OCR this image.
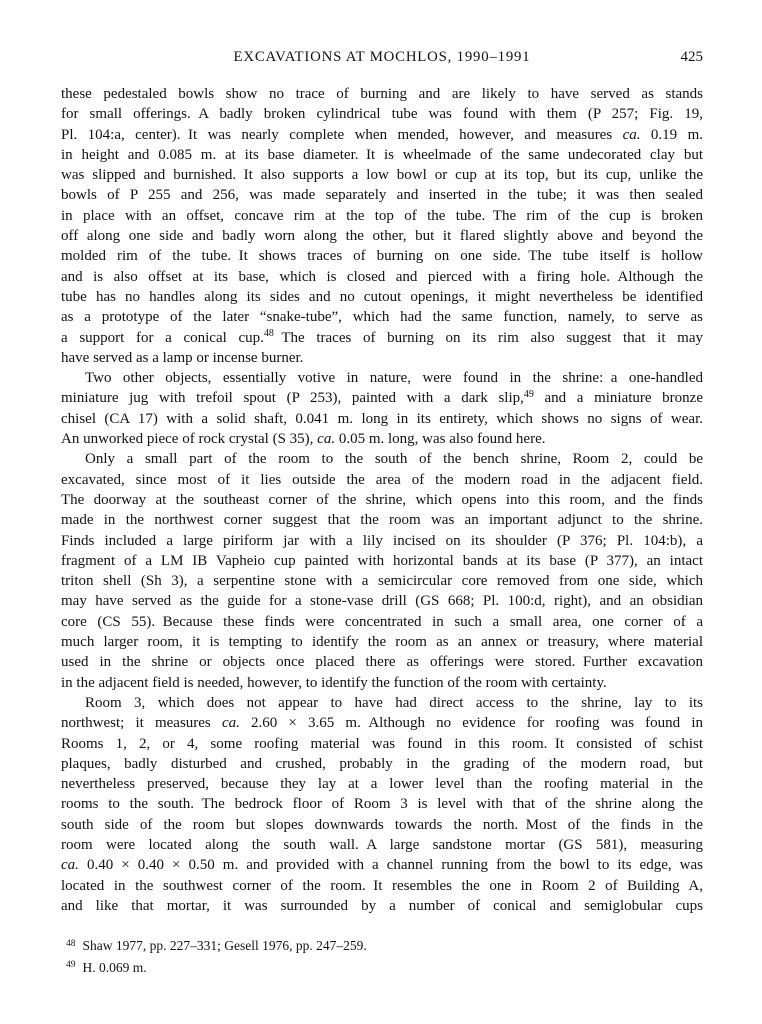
EXCAVATIONS AT MOCHLOS, 1990–1991	425
these pedestaled bowls show no trace of burning and are likely to have served as stands
for small offerings. A badly broken cylindrical tube was found with them (P 257; Fig. 19,
Pl. 104:a, center). It was nearly complete when mended, however, and measures ca. 0.19 m.
in height and 0.085 m. at its base diameter. It is wheelmade of the same undecorated clay but
was slipped and burnished. It also supports a low bowl or cup at its top, but its cup, unlike the
bowls of P 255 and 256, was made separately and inserted in the tube; it was then sealed
in place with an offset, concave rim at the top of the tube. The rim of the cup is broken
off along one side and badly worn along the other, but it flared slightly above and beyond the
molded rim of the tube. It shows traces of burning on one side. The tube itself is hollow
and is also offset at its base, which is closed and pierced with a firing hole. Although the
tube has no handles along its sides and no cutout openings, it might nevertheless be identified
as a prototype of the later “snake-tube”, which had the same function, namely, to serve as
a support for a conical cup.$^{48}$ The traces of burning on its rim also suggest that it may
have served as a lamp or incense burner.
Two other objects, essentially votive in nature, were found in the shrine: a one-handled
miniature jug with trefoil spout (P 253), painted with a dark slip,$^{49}$ and a miniature bronze
chisel (CA 17) with a solid shaft, 0.041 m. long in its entirety, which shows no signs of wear.
An unworked piece of rock crystal (S 35), ca. 0.05 m. long, was also found here.
Only a small part of the room to the south of the bench shrine, Room 2, could be
excavated, since most of it lies outside the area of the modern road in the adjacent field.
The doorway at the southeast corner of the shrine, which opens into this room, and the finds
made in the northwest corner suggest that the room was an important adjunct to the shrine.
Finds included a large piriform jar with a lily incised on its shoulder (P 376; Pl. 104:b), a
fragment of a LM IB Vapheio cup painted with horizontal bands at its base (P 377), an intact
triton shell (Sh 3), a serpentine stone with a semicircular core removed from one side, which
may have served as the guide for a stone-vase drill (GS 668; Pl. 100:d, right), and an obsidian
core (CS 55). Because these finds were concentrated in such a small area, one corner of a
much larger room, it is tempting to identify the room as an annex or treasury, where material
used in the shrine or objects once placed there as offerings were stored. Further excavation
in the adjacent field is needed, however, to identify the function of the room with certainty.
Room 3, which does not appear to have had direct access to the shrine, lay to its
northwest; it measures ca. 2.60 × 3.65 m. Although no evidence for roofing was found in
Rooms 1, 2, or 4, some roofing material was found in this room. It consisted of schist
plaques, badly disturbed and crushed, probably in the grading of the modern road, but
nevertheless preserved, because they lay at a lower level than the roofing material in the
rooms to the south. The bedrock floor of Room 3 is level with that of the shrine along the
south side of the room but slopes downwards towards the north. Most of the finds in the
room were located along the south wall. A large sandstone mortar (GS 581), measuring
ca. 0.40 × 0.40 × 0.50 m. and provided with a channel running from the bowl to its edge, was
located in the southwest corner of the room. It resembles the one in Room 2 of Building A,
and like that mortar, it was surrounded by a number of conical and semiglobular cups
$^{48}$ Shaw 1977, pp. 227–331; Gesell 1976, pp. 247–259.
$^{49}$ H. 0.069 m.
